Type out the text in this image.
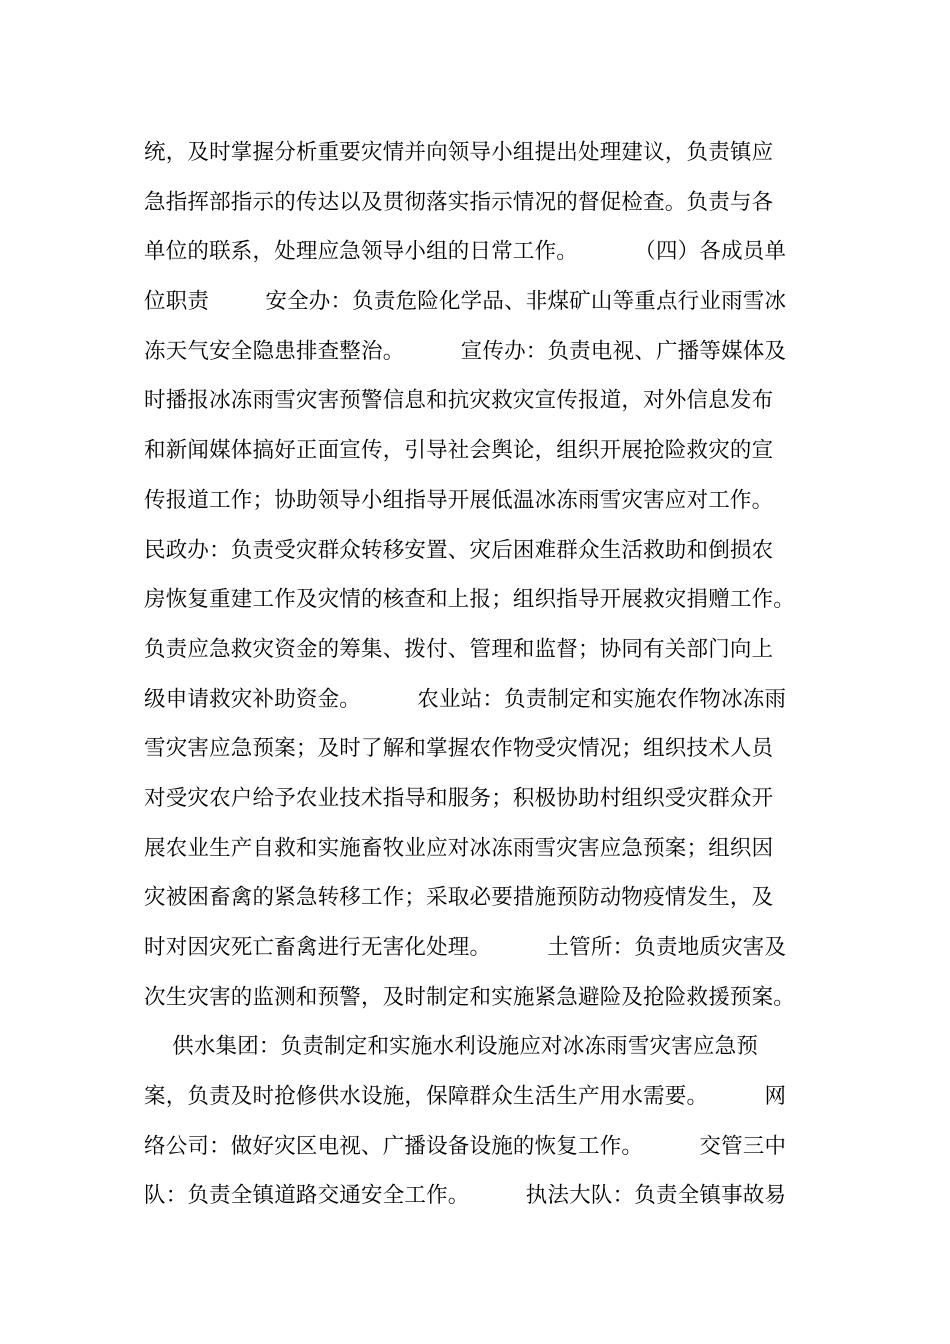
统，及时掌握分析重要灾情并向领导小组提出处理建议，负责镇应
急指挥部指示的传达以及贯彻落实指示情况的督促检查。负责与各
单位的联系，处理应急领导小组的日常工作。        （四）各成员单
位职责        安全办：负责危险化学品、非煤矿山等重点行业雨雪冰
冻天气安全隐患排查整治。        宣传办：负责电视、广播等媒体及
时播报冰冻雨雪灾害预警信息和抗灾救灾宣传报道，对外信息发布
和新闻媒体搞好正面宣传，引导社会舆论，组织开展抢险救灾的宣
传报道工作；协助领导小组指导开展低温冰冻雨雪灾害应对工作。
民政办：负责受灾群众转移安置、灾后困难群众生活救助和倒损农
房恢复重建工作及灾情的核查和上报；组织指导开展救灾捐赠工作。
负责应急救灾资金的筹集、拨付、管理和监督；协同有关部门向上
级申请救灾补助资金。        农业站：负责制定和实施农作物冰冻雨
雪灾害应急预案；及时了解和掌握农作物受灾情况；组织技术人员
对受灾农户给予农业技术指导和服务；积极协助村组织受灾群众开
展农业生产自救和实施畜牧业应对冰冻雨雪灾害应急预案；组织因
灾被困畜禽的紧急转移工作；采取必要措施预防动物疫情发生，及
时对因灾死亡畜禽进行无害化处理。        土管所：负责地质灾害及
次生灾害的监测和预警，及时制定和实施紧急避险及抢险救援预案。
供水集团：负责制定和实施水利设施应对冰冻雨雪灾害应急预
案，负责及时抢修供水设施，保障群众生活生产用水需要。        网
络公司：做好灾区电视、广播设备设施的恢复工作。        交管三中
队：负责全镇道路交通安全工作。        执法大队：负责全镇事故易
